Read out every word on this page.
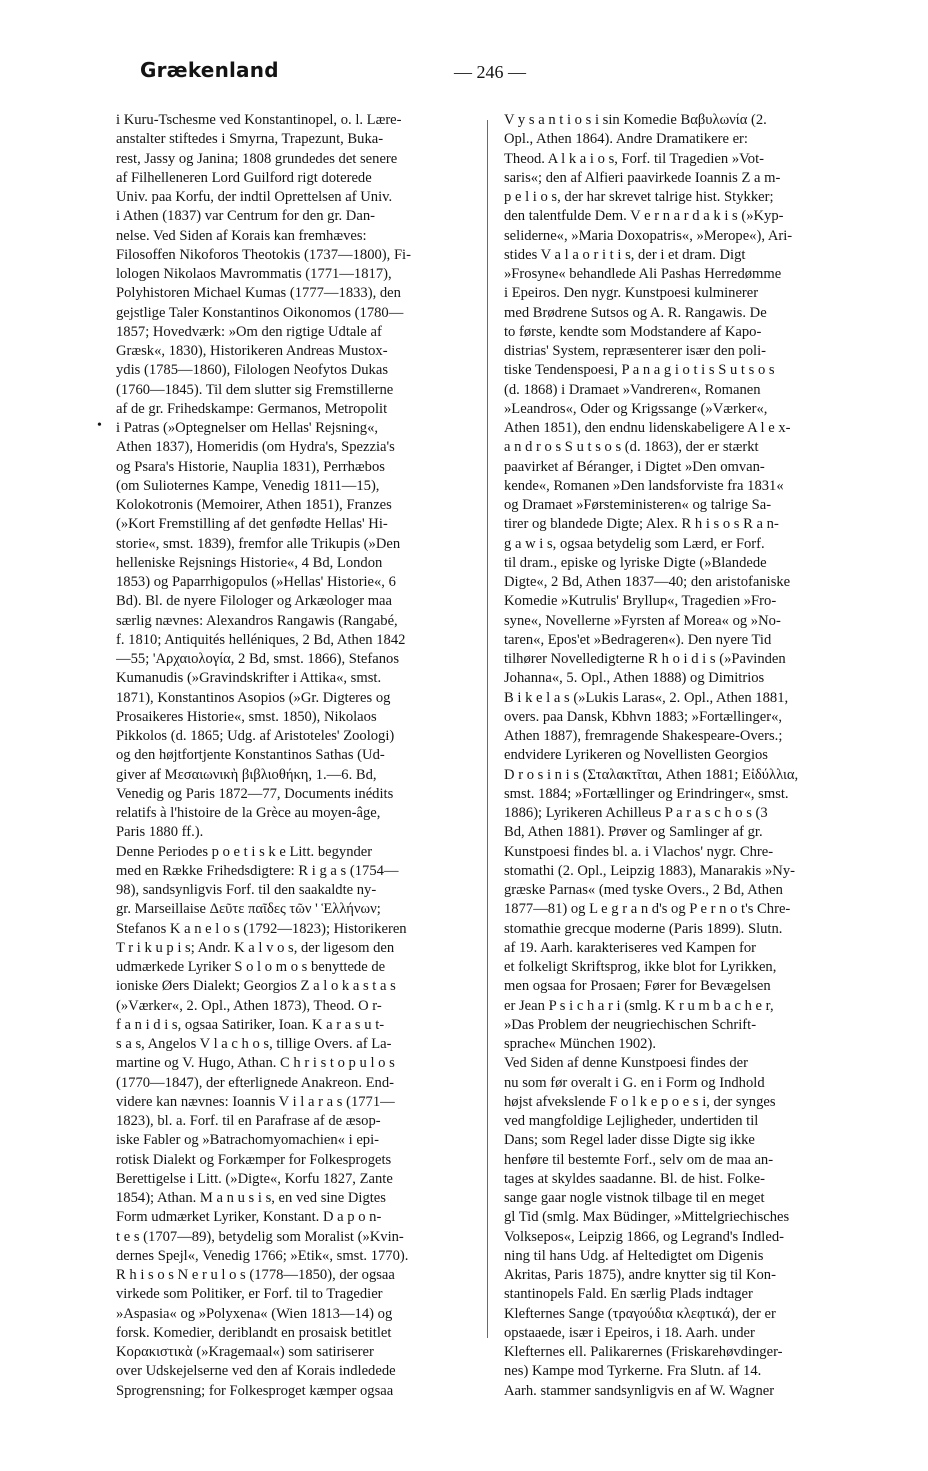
Grækenland	— 246 —
•
i Kuru-Tschesme ved Konstantinopel, o. l. Lære-
anstalter stiftedes i Smyrna, Trapezunt, Buka-
rest, Jassy og Janina; 1808 grundedes det senere
af Filhelleneren Lord Guilford rigt doterede
Univ. paa Korfu, der indtil Oprettelsen af Univ.
i Athen (1837) var Centrum for den gr. Dan-
nelse. Ved Siden af Korais kan fremhæves:
Filosoffen Nikoforos Theotokis (1737—1800), Fi-
lologen Nikolaos Mavrommatis (1771—1817),
Polyhistoren Michael Kumas (1777—1833), den
gejstlige Taler Konstantinos Oikonomos (1780—
1857; Hovedværk: »Om den rigtige Udtale af
Græsk«, 1830), Historikeren Andreas Mustox-
ydis (1785—1860), Filologen Neofytos Dukas
(1760—1845). Til dem slutter sig Fremstillerne
af de gr. Frihedskampe: Germanos, Metropolit
i Patras (»Optegnelser om Hellas' Rejsning«,
Athen 1837), Homeridis (om Hydra's, Spezzia's
og Psara's Historie, Nauplia 1831), Perrhæbos
(om Sulioternes Kampe, Venedig 1811—15),
Kolokotronis (Memoirer, Athen 1851), Franzes
(»Kort Fremstilling af det genfødte Hellas' Hi-
storie«, smst. 1839), fremfor alle Trikupis (»Den
helleniske Rejsnings Historie«, 4 Bd, London
1853) og Paparrhigopulos (»Hellas' Historie«, 6
Bd). Bl. de nyere Filologer og Arkæologer maa
særlig nævnes: Alexandros Rangawis (Rangabé,
f. 1810; Antiquités helléniques, 2 Bd, Athen 1842
—55; 'Αρχαιολογία, 2 Bd, smst. 1866), Stefanos
Kumanudis (»Gravindskrifter i Attika«, smst.
1871), Konstantinos Asopios (»Gr. Digteres og
Prosaikeres Historie«, smst. 1850), Nikolaos
Pikkolos (d. 1865; Udg. af Aristoteles' Zoologi)
og den højtfortjente Konstantinos Sathas (Ud-
giver af Μεσαιωνικὴ βιβλιοθήκη, 1.—6. Bd,
Venedig og Paris 1872—77, Documents inédits
relatifs à l'histoire de la Grèce au moyen-âge,
Paris 1880 ff.).
Denne Periodes p o e t i s k e Litt. begynder
med en Række Frihedsdigtere: R i g a s (1754—
98), sandsynligvis Forf. til den saakaldte ny-
gr. Marseillaise Δεῦτε παῖδες τῶν ' Ἑλλήνων;
Stefanos K a n e l o s (1792—1823); Historikeren
T r i k u p i s; Andr. K a l v o s, der ligesom den
udmærkede Lyriker S o l o m o s benyttede de
ioniske Øers Dialekt; Georgios Z a l o k a s t a s
(»Værker«, 2. Opl., Athen 1873), Theod. O r-
f a n i d i s, ogsaa Satiriker, Ioan. K a r a s u t-
s a s, Angelos V l a c h o s, tillige Overs. af La-
martine og V. Hugo, Athan. C h r i s t o p u l o s
(1770—1847), der efterlignede Anakreon. End-
videre kan nævnes: Ioannis V i l a r a s (1771—
1823), bl. a. Forf. til en Parafrase af de æsop-
iske Fabler og »Batrachomyomachien« i epi-
rotisk Dialekt og Forkæmper for Folkesprogets
Berettigelse i Litt. (»Digte«, Korfu 1827, Zante
1854); Athan. M a n u s i s, en ved sine Digtes
Form udmærket Lyriker, Konstant. D a p o n-
t e s (1707—89), betydelig som Moralist (»Kvin-
dernes Spejl«, Venedig 1766; »Etik«, smst. 1770).
R h i s o s N e r u l o s (1778—1850), der ogsaa
virkede som Politiker, er Forf. til to Tragedier
»Aspasia« og »Polyxena« (Wien 1813—14) og
forsk. Komedier, deriblandt en prosaisk betitlet
Κορακιστικὰ (»Kragemaal«) som satiriserer
over Udskejelserne ved den af Korais indledede
Sprogrensning; for Folkesproget kæmper ogsaa
V y s a n t i o s i sin Komedie Βαβυλωνία (2.
Opl., Athen 1864). Andre Dramatikere er:
Theod. A l k a i o s, Forf. til Tragedien »Vot-
saris«; den af Alfieri paavirkede Ioannis Z a m-
p e l i o s, der har skrevet talrige hist. Stykker;
den talentfulde Dem. V e r n a r d a k i s (»Kyp-
seliderne«, »Maria Doxopatris«, »Merope«), Ari-
stides V a l a o r i t i s, der i et dram. Digt
»Frosyne« behandlede Ali Pashas Herredømme
i Epeiros. Den nygr. Kunstpoesi kulminerer
med Brødrene Sutsos og A. R. Rangawis. De
to første, kendte som Modstandere af Kapo-
distrias' System, repræsenterer især den poli-
tiske Tendenspoesi, P a n a g i o t i s S u t s o s
(d. 1868) i Dramaet »Vandreren«, Romanen
»Leandros«, Oder og Krigssange (»Værker«,
Athen 1851), den endnu lidenskabeligere A l e x-
a n d r o s S u t s o s (d. 1863), der er stærkt
paavirket af Béranger, i Digtet »Den omvan-
kende«, Romanen »Den landsforviste fra 1831«
og Dramaet »Førsteministeren« og talrige Sa-
tirer og blandede Digte; Alex. R h i s o s R a n-
g a w i s, ogsaa betydelig som Lærd, er Forf.
til dram., episke og lyriske Digte (»Blandede
Digte«, 2 Bd, Athen 1837—40; den aristofaniske
Komedie »Kutrulis' Bryllup«, Tragedien »Fro-
syne«, Novellerne »Fyrsten af Morea« og »No-
taren«, Epos'et »Bedrageren«). Den nyere Tid
tilhører Novelledigterne R h o i d i s (»Pavinden
Johanna«, 5. Opl., Athen 1888) og Dimitrios
B i k e l a s (»Lukis Laras«, 2. Opl., Athen 1881,
overs. paa Dansk, Kbhvn 1883; »Fortællinger«,
Athen 1887), fremragende Shakespeare-Overs.;
endvidere Lyrikeren og Novellisten Georgios
D r o s i n i s (Σταλακτῖται, Athen 1881; Εἰδύλλια,
smst. 1884; »Fortællinger og Erindringer«, smst.
1886); Lyrikeren Achilleus P a r a s c h o s (3
Bd, Athen 1881). Prøver og Samlinger af gr.
Kunstpoesi findes bl. a. i Vlachos' nygr. Chre-
stomathi (2. Opl., Leipzig 1883), Manarakis »Ny-
græske Parnas« (med tyske Overs., 2 Bd, Athen
1877—81) og L e g r a n d's og P e r n o t's Chre-
stomathie grecque moderne (Paris 1899). Slutn.
af 19. Aarh. karakteriseres ved Kampen for
et folkeligt Skriftsprog, ikke blot for Lyrikken,
men ogsaa for Prosaen; Fører for Bevægelsen
er Jean P s i c h a r i (smlg. K r u m b a c h e r,
»Das Problem der neugriechischen Schrift-
sprache« München 1902).
Ved Siden af denne Kunstpoesi findes der
nu som før overalt i G. en i Form og Indhold
højst afvekslende F o l k e p o e s i, der synges
ved mangfoldige Lejligheder, undertiden til
Dans; som Regel lader disse Digte sig ikke
henføre til bestemte Forf., selv om de maa an-
tages at skyldes saadanne. Bl. de hist. Folke-
sange gaar nogle vistnok tilbage til en meget
gl Tid (smlg. Max Büdinger, »Mittelgriechisches
Volksepos«, Leipzig 1866, og Legrand's Indled-
ning til hans Udg. af Heltedigtet om Digenis
Akritas, Paris 1875), andre knytter sig til Kon-
stantinopels Fald. En særlig Plads indtager
Klefternes Sange (τραγούδια κλεφτικά), der er
opstaaede, især i Epeiros, i 18. Aarh. under
Klefternes ell. Palikarernes (Friskarehøvdinger-
nes) Kampe mod Tyrkerne. Fra Slutn. af 14.
Aarh. stammer sandsynligvis en af W. Wagner
